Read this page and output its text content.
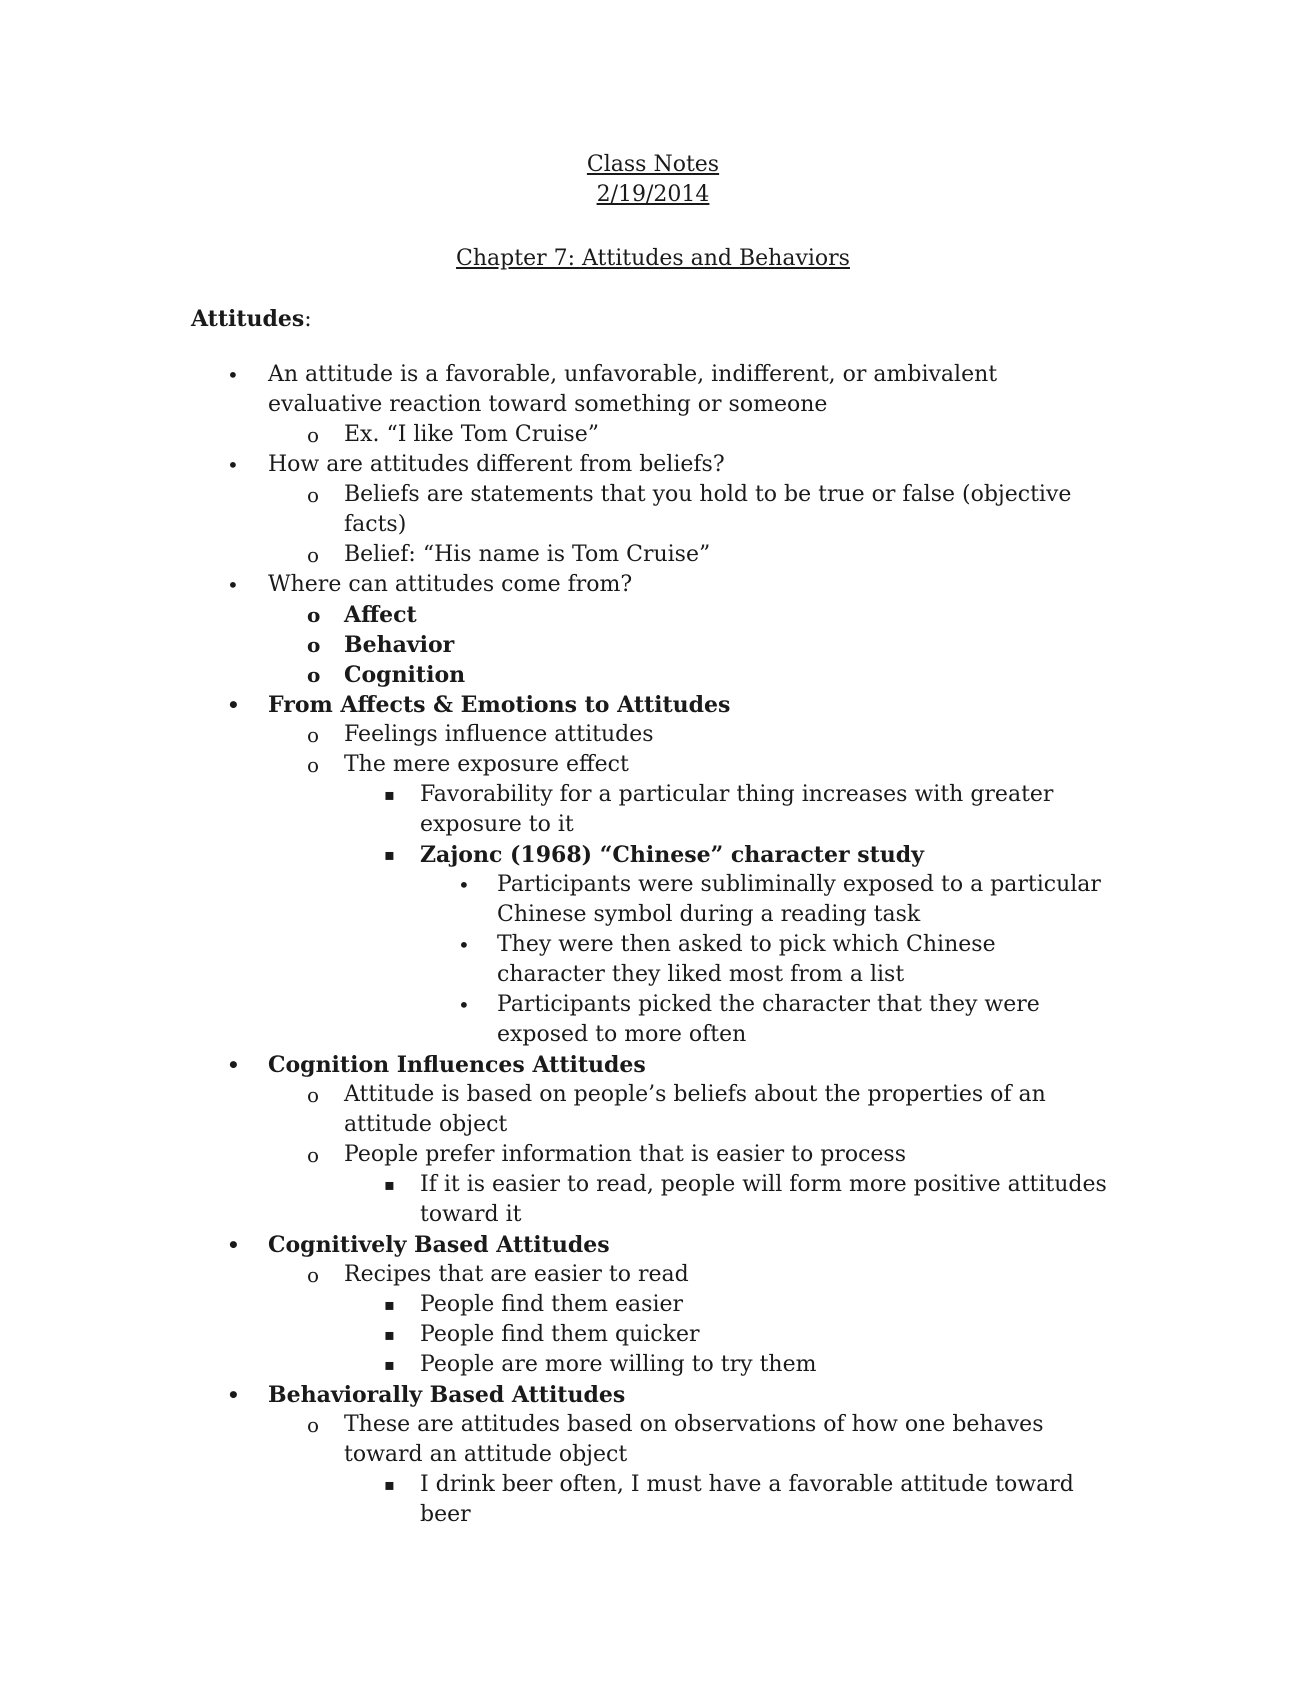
Class Notes
2/19/2014
Chapter 7: Attitudes and Behaviors
Attitudes:
• An attitude is a favorable, unfavorable, indifferent, or ambivalent evaluative reaction toward something or someone
o Ex. “I like Tom Cruise”
• How are attitudes different from beliefs?
o Beliefs are statements that you hold to be true or false (objective facts)
o Belief: “His name is Tom Cruise”
• Where can attitudes come from?
o Affect
o Behavior
o Cognition
• From Affects & Emotions to Attitudes
o Feelings influence attitudes
o The mere exposure effect
▪ Favorability for a particular thing increases with greater exposure to it
▪ Zajonc (1968) “Chinese” character study
• Participants were subliminally exposed to a particular Chinese symbol during a reading task
• They were then asked to pick which Chinese character they liked most from a list
• Participants picked the character that they were exposed to more often
• Cognition Influences Attitudes
o Attitude is based on people’s beliefs about the properties of an attitude object
o People prefer information that is easier to process
▪ If it is easier to read, people will form more positive attitudes toward it
• Cognitively Based Attitudes
o Recipes that are easier to read
▪ People find them easier
▪ People find them quicker
▪ People are more willing to try them
• Behaviorally Based Attitudes
o These are attitudes based on observations of how one behaves toward an attitude object
▪ I drink beer often, I must have a favorable attitude toward beer
